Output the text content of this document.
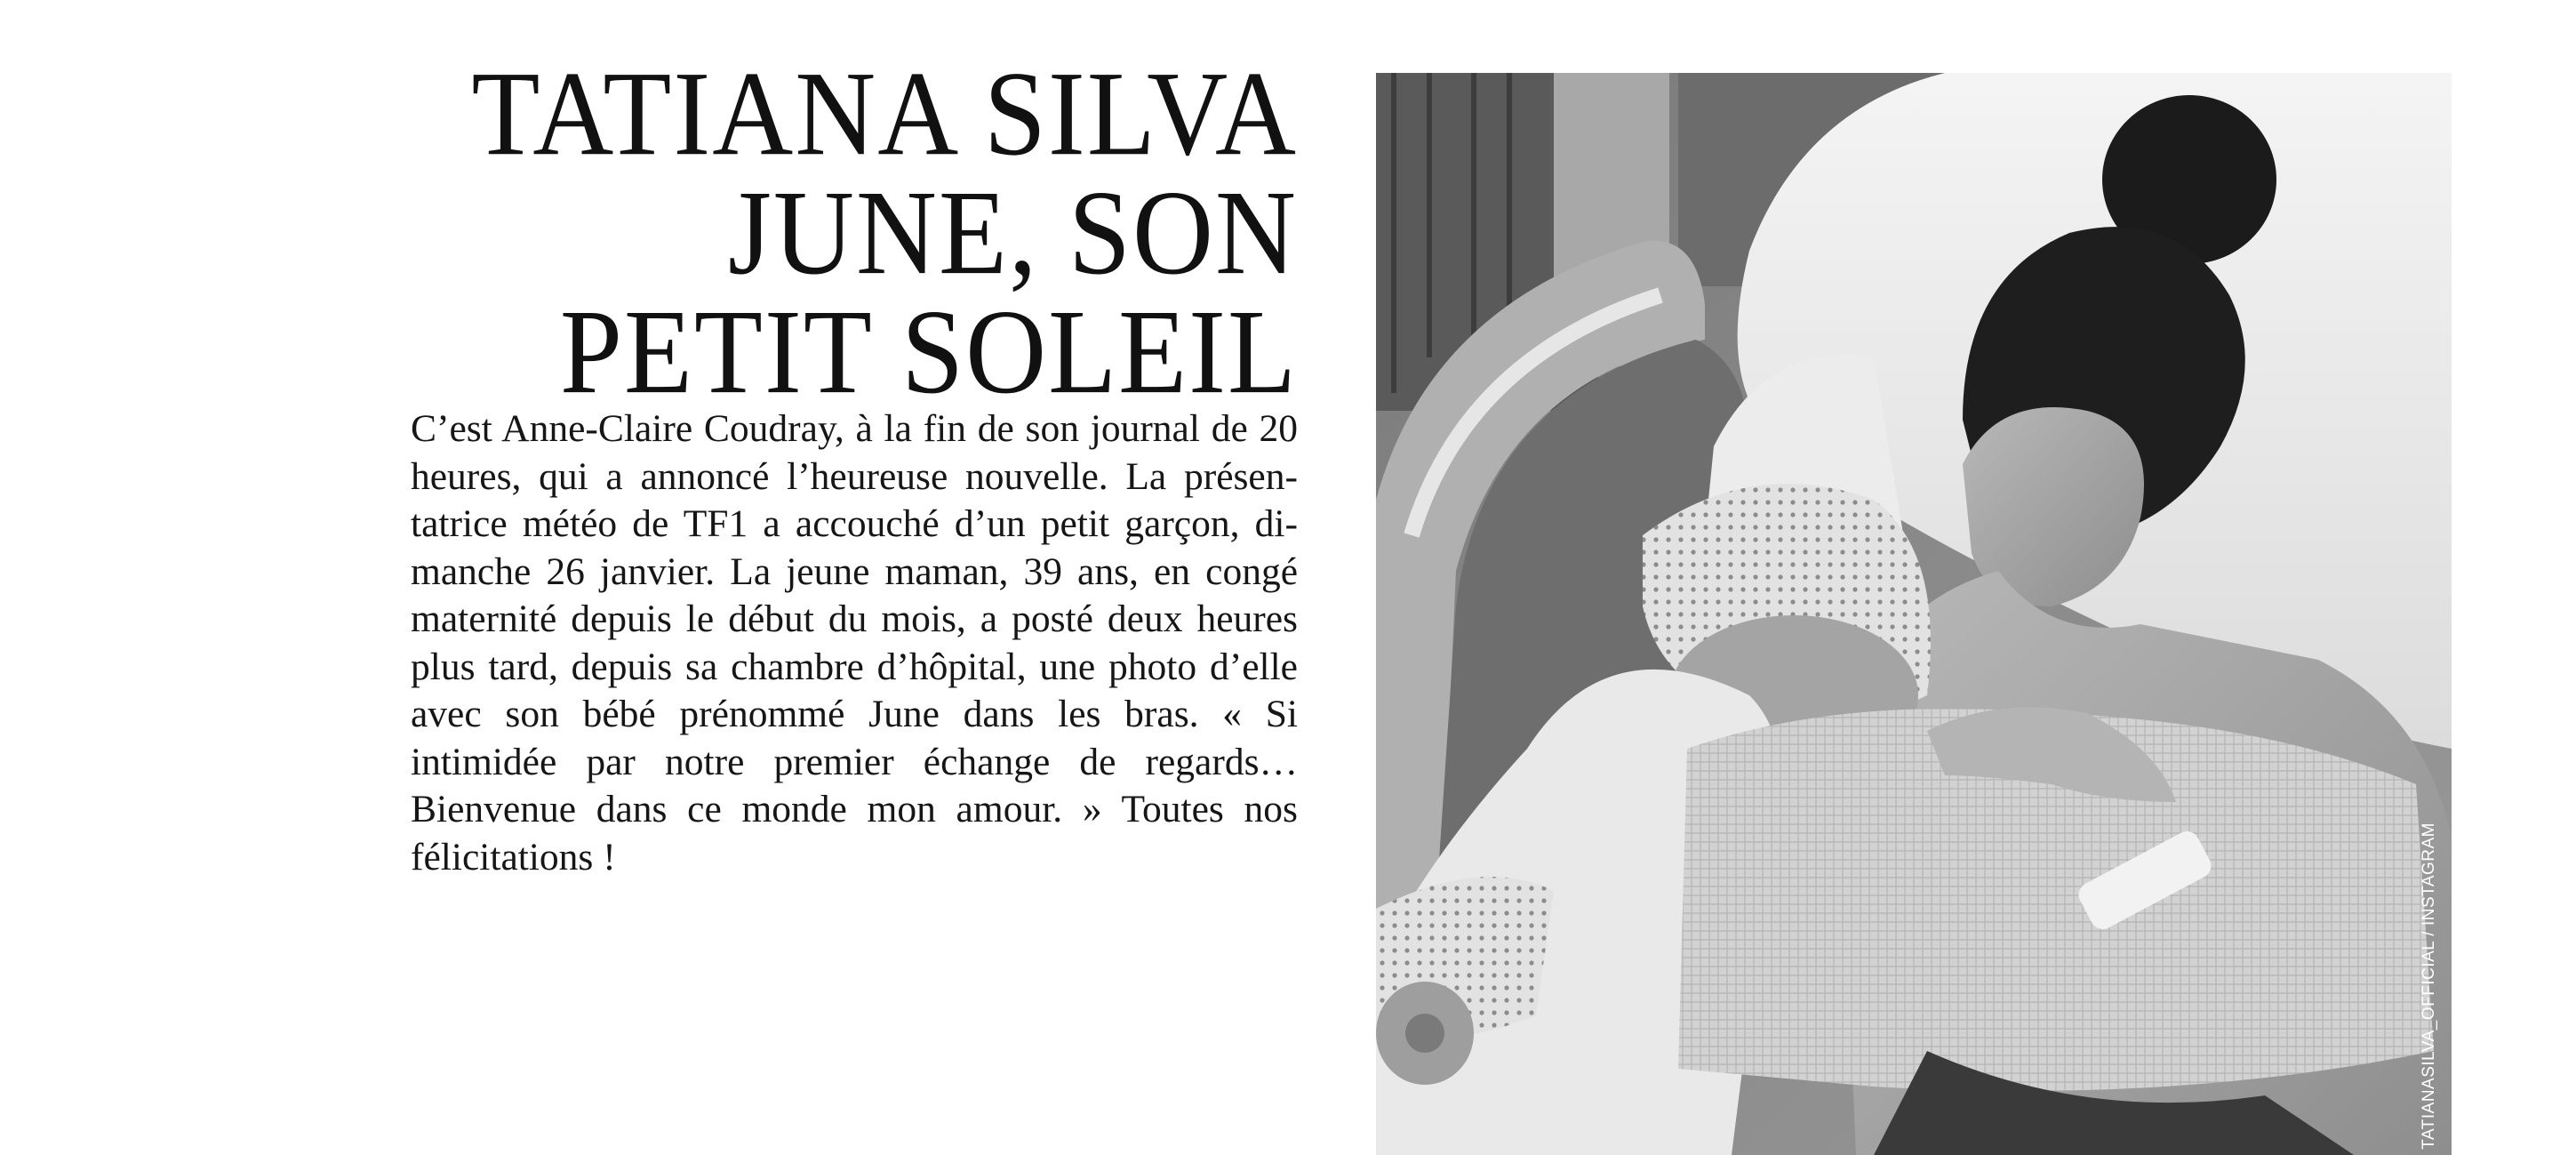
TATIANA SILVA
JUNE, SON
PETIT SOLEIL

C’est Anne-Claire Coudray, à la fin de son journal de 20 heures, qui a annoncé l’heureuse nouvelle. La présentatrice météo de TF1 a accouché d’un petit garçon, dimanche 26 janvier. La jeune maman, 39 ans, en congé maternité depuis le début du mois, a posté deux heures plus tard, depuis sa chambre d’hôpital, une photo d’elle avec son bébé prénommé June dans les bras. « Si intimidée par notre premier échange de regards… Bienvenue dans ce monde mon amour. » Toutes nos félicitations !	TATIANASILVA_OFFICIAL / INSTAGRAM
